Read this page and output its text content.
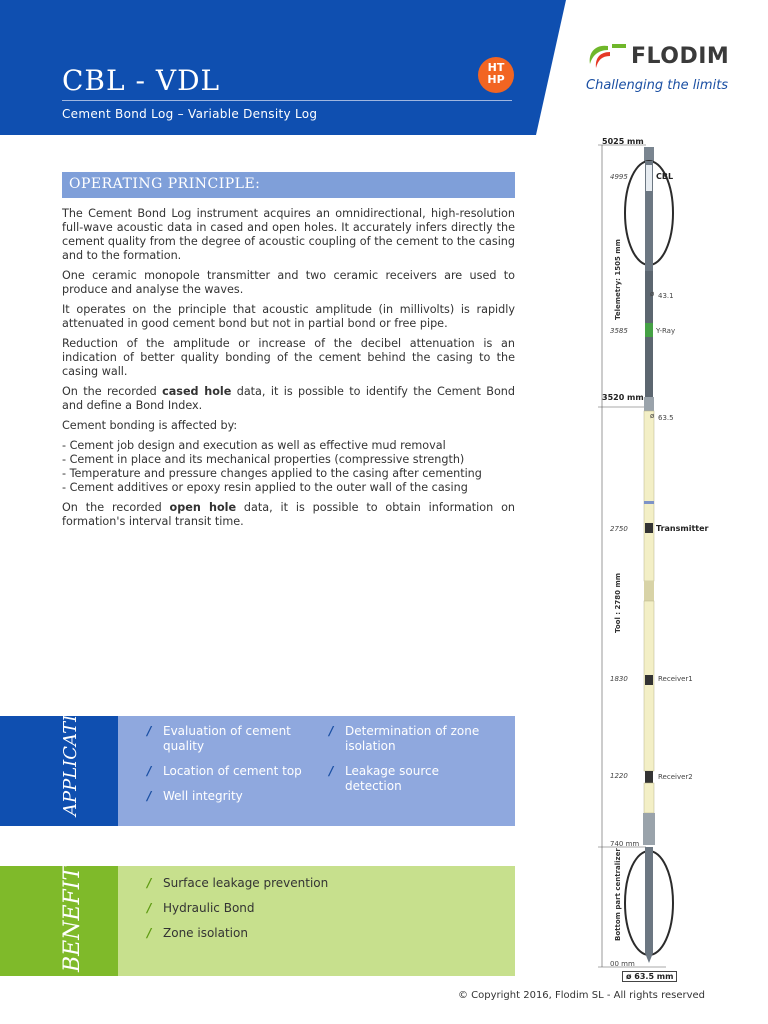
CBL - VDL
Cement Bond Log – Variable Density Log
HT
HP
FLODIM
Challenging the limits
OPERATING PRINCIPLE:

The Cement Bond Log instrument acquires an omnidirectional, high-resolution full-wave acoustic data in cased and open holes. It accurately infers directly the cement quality from the degree of acoustic coupling of the cement to the casing and to the formation.

One ceramic monopole transmitter and two ceramic receivers are used to produce and analyse the waves.

It operates on the principle that acoustic amplitude (in millivolts) is rapidly attenuated in good cement bond but not in partial bond or free pipe.

Reduction of the amplitude or increase of the decibel attenuation is an indication of better quality bonding of the cement behind the casing to the casing wall.

On the recorded cased hole data, it is possible to identify the Cement Bond and define a Bond Index.

Cement bonding is affected by:

- Cement job design and execution as well as effective mud removal
- Cement in place and its mechanical properties (compressive strength)
- Temperature and pressure changes applied to the casing after cementing
- Cement additives or epoxy resin applied to the outer wall of the casing

On the recorded open hole data, it is possible to obtain information on formation's interval transit time.

APPLICATIONS	/ Evaluation of cement
quality
/ Location of cement top
/ Well integrity
/ Determination of zone
isolation
/ Leakage source
detection
BENEFITS	/ Surface leakage prevention
/ Hydraulic Bond
/ Zone isolation
5025 mm
4995	CBL
Telemetry: 1505 mm	ø 43.1
3585	Y-Ray
3520 mm
ø 63.5
2750	Transmitter
Tool : 2780 mm
1830	Receiver1
1220	Receiver2
740 mm
Bottom part centralizer
00 mm
ø 63.5 mm
© Copyright 2016, Flodim SL - All rights reserved
